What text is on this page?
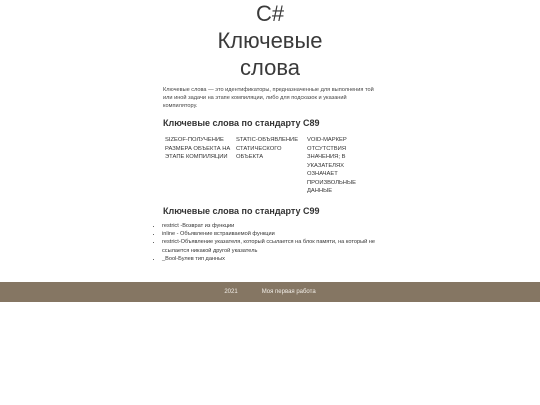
C#
Ключевые
слова
Ключевые слова — это идентификаторы, предназначенные для выполнения той или иной задачи на этапе компиляции, либо для подсказок и указаний компилятору.
Ключевые слова по стандарту С89
SIZEOF-ПОЛУЧЕНИЕ РАЗМЕРА ОБЪЕКТА НА ЭТАПЕ КОМПИЛЯЦИИ
STATIC-ОБЪЯВЛЕНИЕ СТАТИЧЕСКОГО ОБЪЕКТА
VOID-МАРКЕР ОТСУТСТВИЯ ЗНАЧЕНИЯ; В УКАЗАТЕЛЯХ ОЗНАЧАЕТ ПРОИЗВОЛЬНЫЕ ДАННЫЕ
Ключевые слова по стандарту С99
• restrict -Возврат из функции
• inline - Объявление встраиваемой функции
• restrict-Объявление указателя, который ссылается на блок памяти, на который не ссылается никакой другой указатель
• _Bool-Булев тип данных
2021	Моя первая работа
